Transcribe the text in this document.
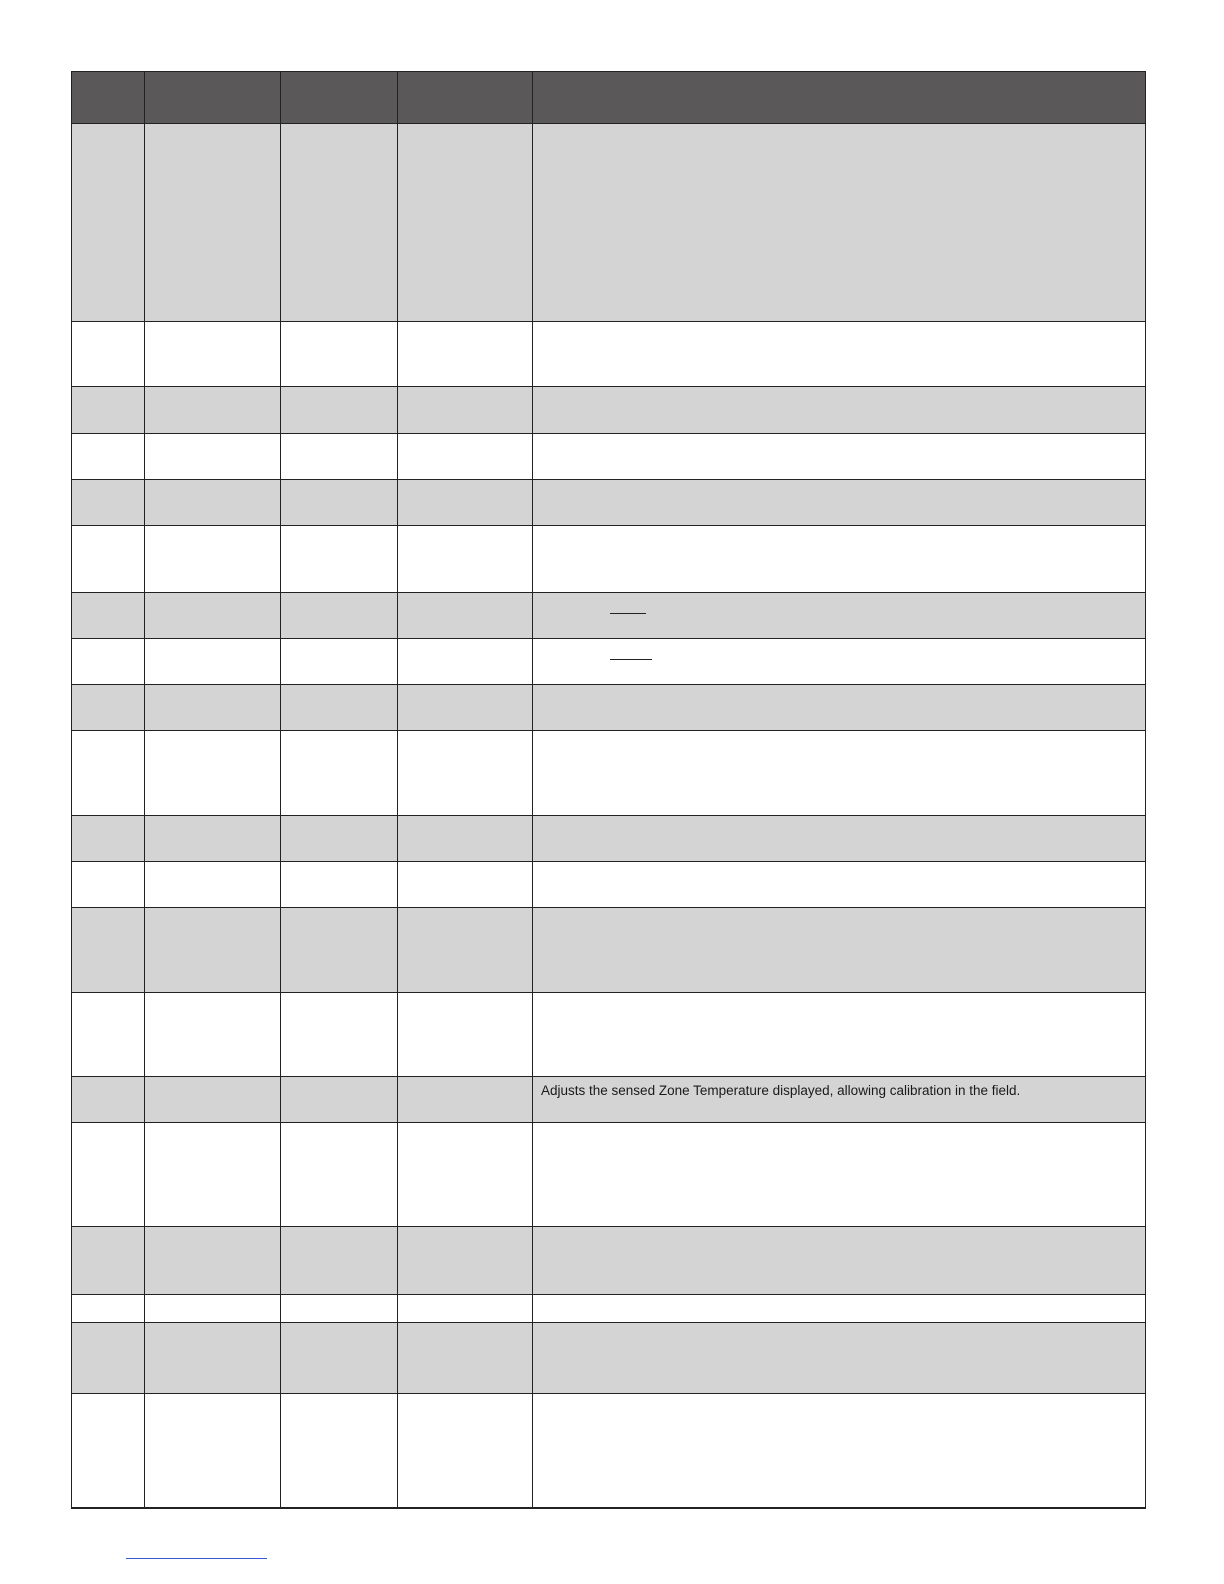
				Adjusts the sensed Zone Temperature displayed, allowing calibration in the field.
